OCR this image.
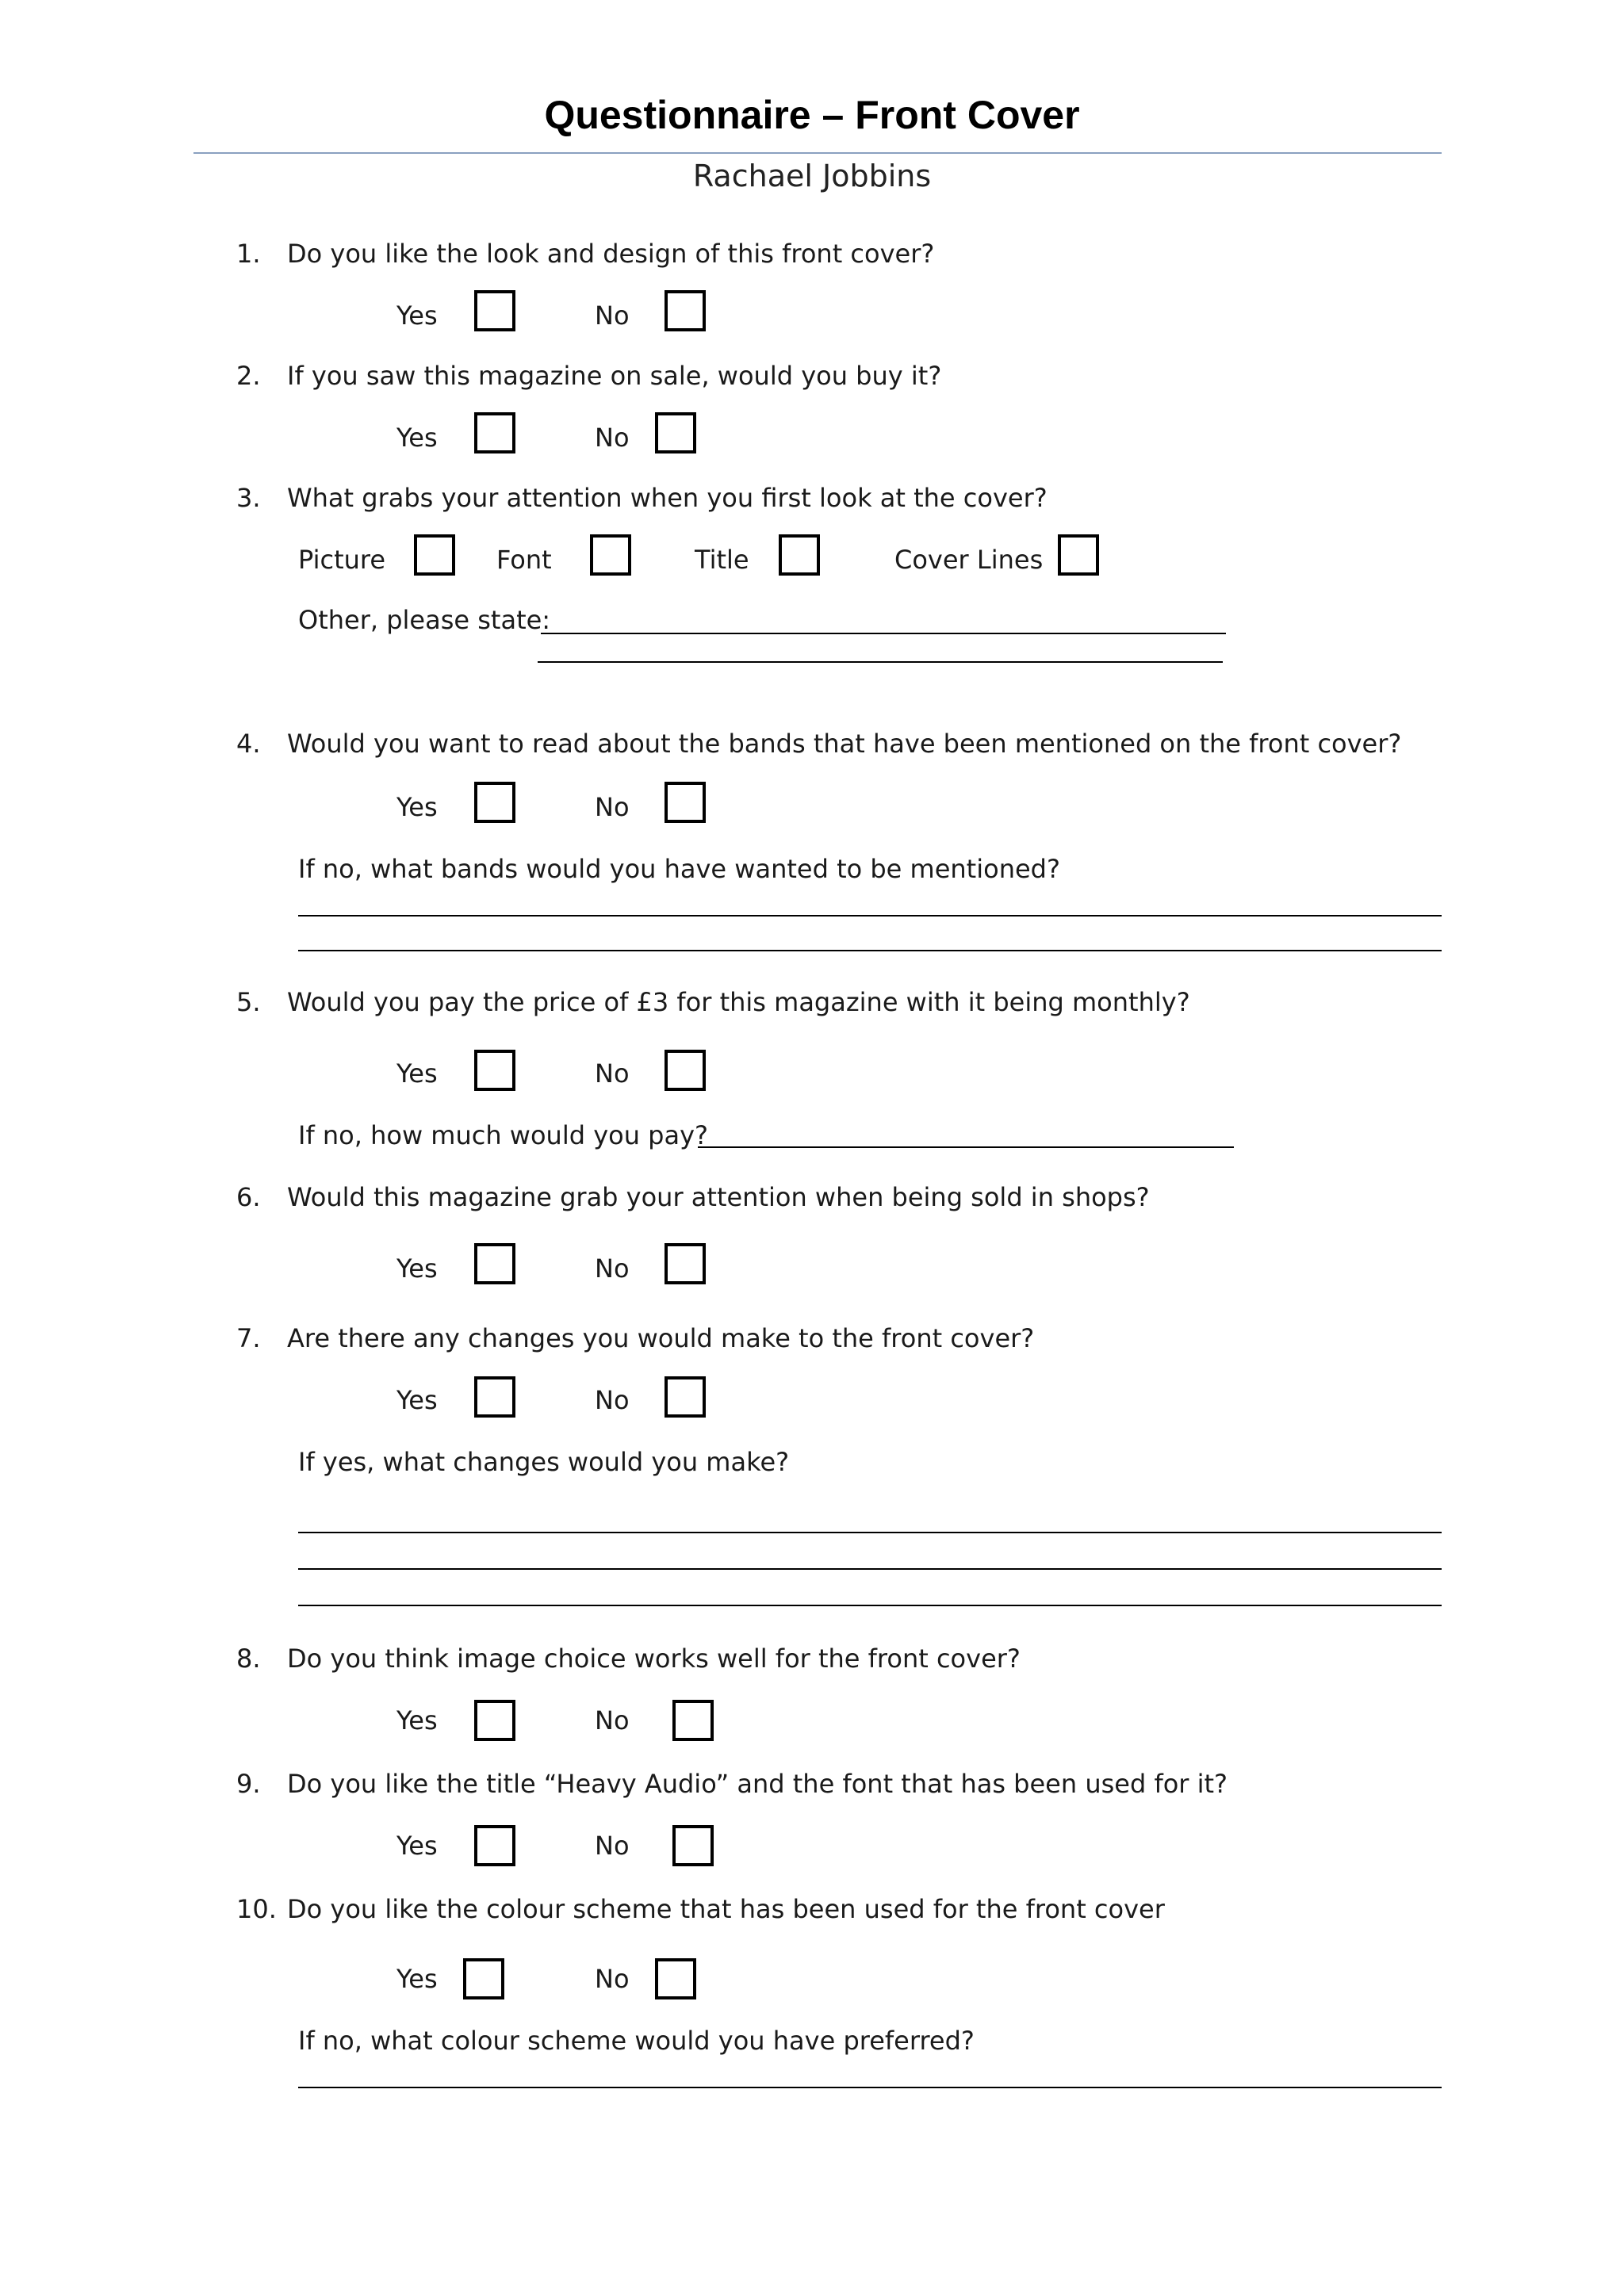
Questionnaire – Front Cover
Rachael Jobbins
1. Do you like the look and design of this front cover?
Yes	No
2. If you saw this magazine on sale, would you buy it?
Yes	No
3. What grabs your attention when you first look at the cover?
Picture	Font	Title	Cover Lines
Other, please state:
4. Would you want to read about the bands that have been mentioned on the front cover?
Yes	No
If no, what bands would you have wanted to be mentioned?
5. Would you pay the price of £3 for this magazine with it being monthly?
Yes	No
If no, how much would you pay?
6. Would this magazine grab your attention when being sold in shops?
Yes	No
7. Are there any changes you would make to the front cover?
Yes	No
If yes, what changes would you make?
8. Do you think image choice works well for the front cover?
Yes	No
9. Do you like the title “Heavy Audio” and the font that has been used for it?
Yes	No
10. Do you like the colour scheme that has been used for the front cover
Yes	No
If no, what colour scheme would you have preferred?
